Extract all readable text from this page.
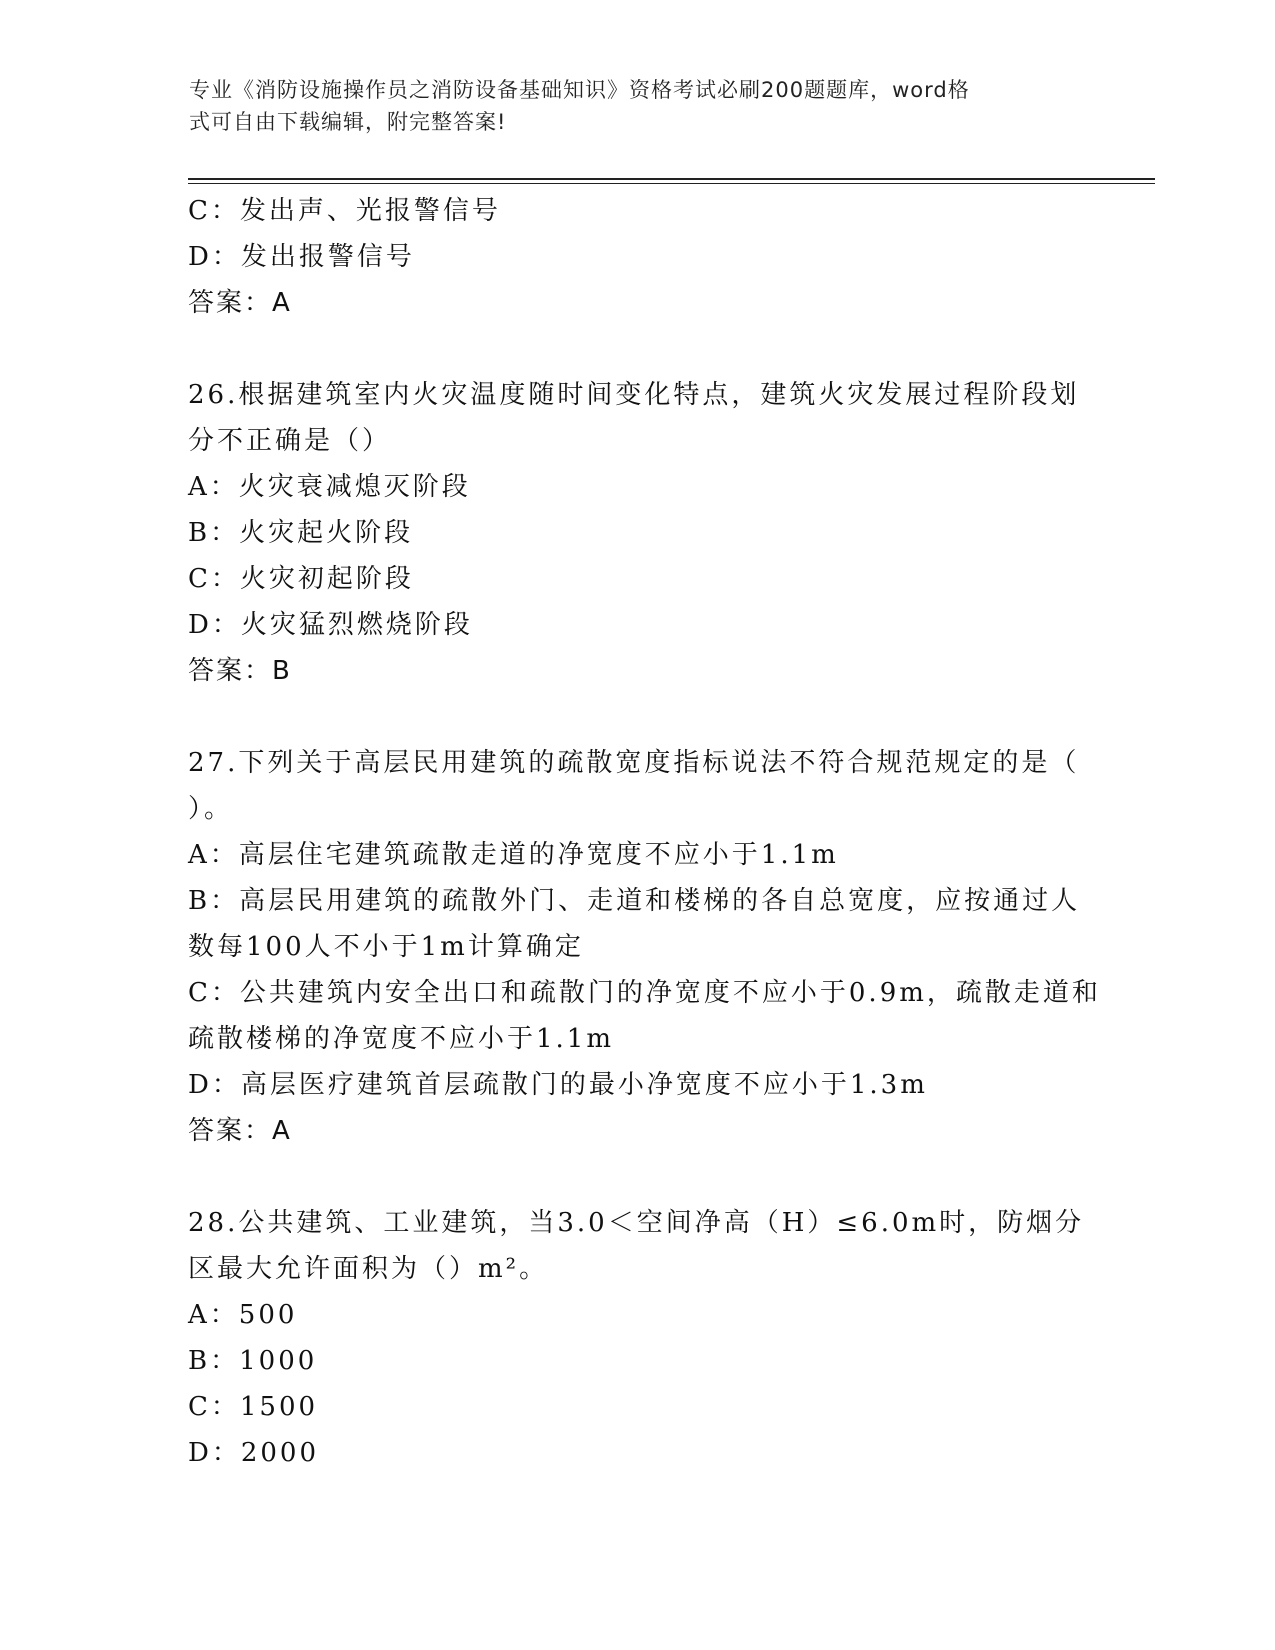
专业《消防设施操作员之消防设备基础知识》资格考试必刷200题题库，word格
式可自由下载编辑，附完整答案!
C：发出声、光报警信号
D：发出报警信号
答案：A
26.根据建筑室内火灾温度随时间变化特点，建筑火灾发展过程阶段划
分不正确是（）
A：火灾衰减熄灭阶段
B：火灾起火阶段
C：火灾初起阶段
D：火灾猛烈燃烧阶段
答案：B
27.下列关于高层民用建筑的疏散宽度指标说法不符合规范规定的是（
）。
A：高层住宅建筑疏散走道的净宽度不应小于1.1m
B：高层民用建筑的疏散外门、走道和楼梯的各自总宽度，应按通过人
数每100人不小于1m计算确定
C：公共建筑内安全出口和疏散门的净宽度不应小于0.9m，疏散走道和
疏散楼梯的净宽度不应小于1.1m
D：高层医疗建筑首层疏散门的最小净宽度不应小于1.3m
答案：A
28.公共建筑、工业建筑，当3.0＜空间净高（H）≤6.0m时，防烟分
区最大允许面积为（）m²。
A：500
B：1000
C：1500
D：2000
